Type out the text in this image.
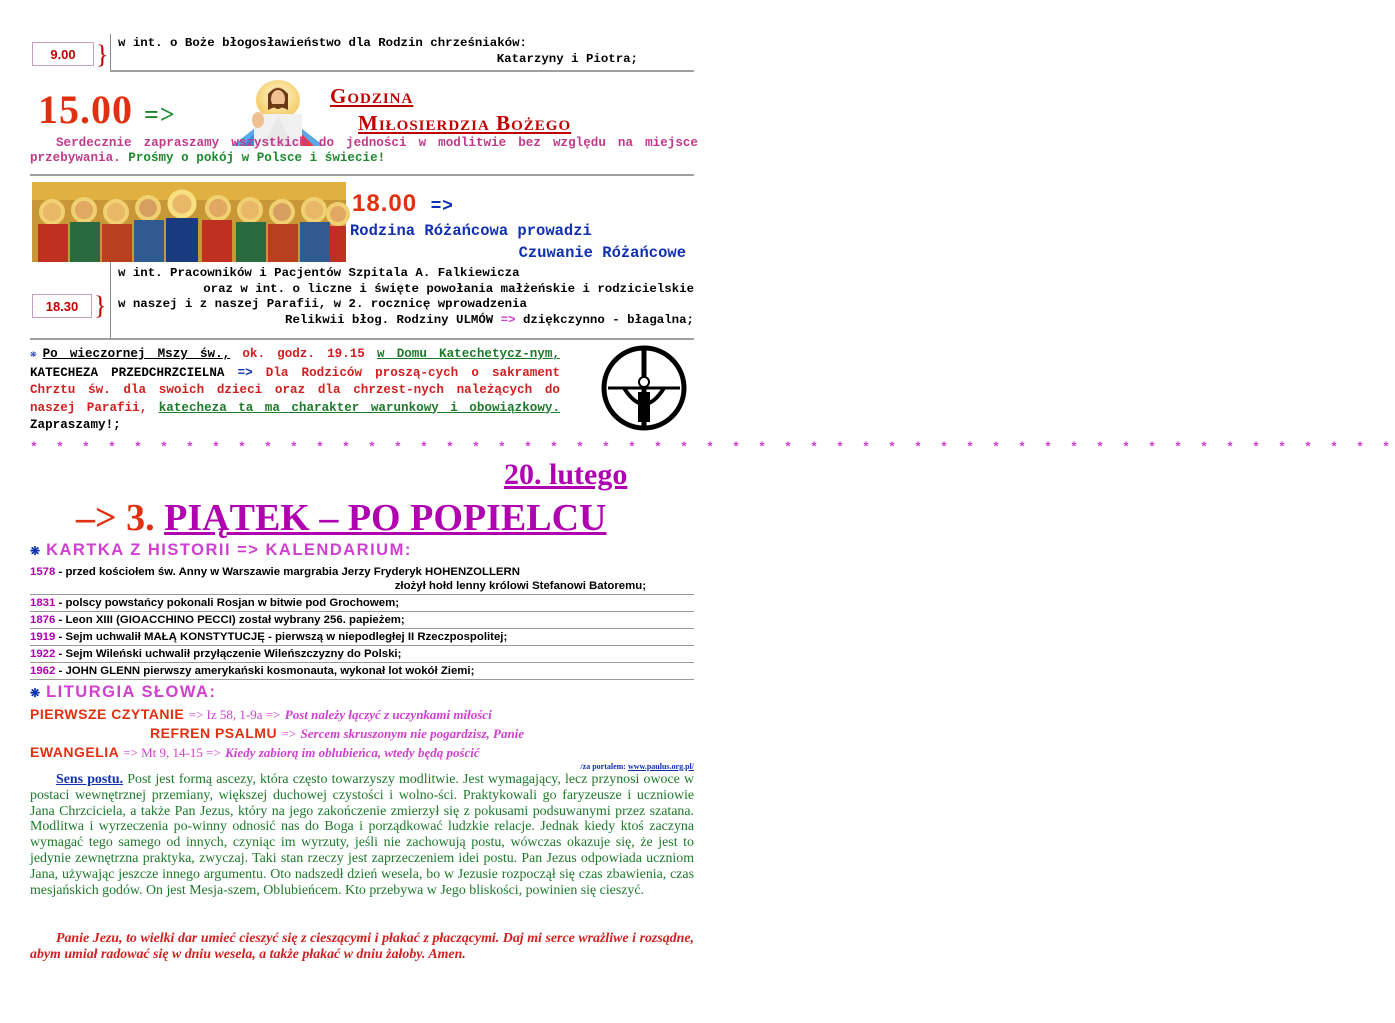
9.00 } w int. o Boże błogosławieństwo dla Rodzin chrześniaków:
Katarzyny i Piotra;
15.00 =>
Godzina
Miłosierdzia Bożego
Serdecznie zapraszamy wszystkich do jedności w modlitwie bez względu na miejsce przebywania. Prośmy o pokój w Polsce i świecie!
18.00 =>
Rodzina Różańcowa prowadzi
Czuwanie Różańcowe
18.30 }
w int. Pracowników i Pacjentów Szpitala A. Falkiewicza
oraz w int. o liczne i święte powołania małżeńskie i rodzicielskie
w naszej i z naszej Parafii, w 2. rocznicę wprowadzenia
Relikwii błog. Rodziny ULMÓW => dziękczynno - błagalna;
❋ Po wieczornej Mszy św., ok. godz. 19.15 w Domu Katechetycz-nym, KATECHEZA PRZEDCHRZCIELNA => Dla Rodziców proszą-cych o sakrament Chrztu św. dla swoich dzieci oraz dla chrzest-nych należących do naszej Parafii, katecheza ta ma charakter warunkowy i obowiązkowy. Zapraszamy!;
* * * * * * * * * * * * * * * * * * * * * * * * * * * * * * * * * * * * * * * * * * * * * * * * * * * * *
20. lutego
–> 3. PIĄTEK – PO POPIELCU
❋ KARTKA Z HISTORII => KALENDARIUM:
1578 - przed kościołem św. Anny w Warszawie margrabia Jerzy Fryderyk HOHENZOLLERN
złożył hołd lenny królowi Stefanowi Batoremu;
1831 - polscy powstańcy pokonali Rosjan w bitwie pod Grochowem;
1876 - Leon XIII (GIOACCHINO PECCI) został wybrany 256. papieżem;
1919 - Sejm uchwalił MAŁĄ KONSTYTUCJĘ - pierwszą w niepodległej II Rzeczpospolitej;
1922 - Sejm Wileński uchwalił przyłączenie Wileńszczyzny do Polski;
1962 - JOHN GLENN pierwszy amerykański kosmonauta, wykonał lot wokół Ziemi;
❋ LITURGIA SŁOWA:
PIERWSZE CZYTANIE => Iz 58, 1-9a => Post należy łączyć z uczynkami miłości
REFREN PSALMU => Sercem skruszonym nie pogardzisz, Panie
EWANGELIA => Mt 9, 14-15 => Kiedy zabiorą im oblubieńca, wtedy będą pościć
/za portalem: www.paulus.org.pl/
Sens postu. Post jest formą ascezy, która często towarzyszy modlitwie. Jest wymagający, lecz przynosi owoce w postaci wewnętrznej przemiany, większej duchowej czystości i wolno-ści. Praktykowali go faryzeusze i uczniowie Jana Chrzciciela, a także Pan Jezus, który na jego zakończenie zmierzył się z pokusami podsuwanymi przez szatana. Modlitwa i wyrzeczenia po-winny odnosić nas do Boga i porządkować ludzkie relacje. Jednak kiedy ktoś zaczyna wymagać tego samego od innych, czyniąc im wyrzuty, jeśli nie zachowują postu, wówczas okazuje się, że jest to jedynie zewnętrzna praktyka, zwyczaj. Taki stan rzeczy jest zaprzeczeniem idei postu. Pan Jezus odpowiada uczniom Jana, używając jeszcze innego argumentu. Oto nadszedł dzień wesela, bo w Jezusie rozpoczął się czas zbawienia, czas mesjańskich godów. On jest Mesja-szem, Oblubieńcem. Kto przebywa w Jego bliskości, powinien się cieszyć.
Panie Jezu, to wielki dar umieć cieszyć się z cieszącymi i płakać z płaczącymi. Daj mi serce wrażliwe i rozsądne, abym umiał radować się w dniu wesela, a także płakać w dniu żałoby. Amen.
